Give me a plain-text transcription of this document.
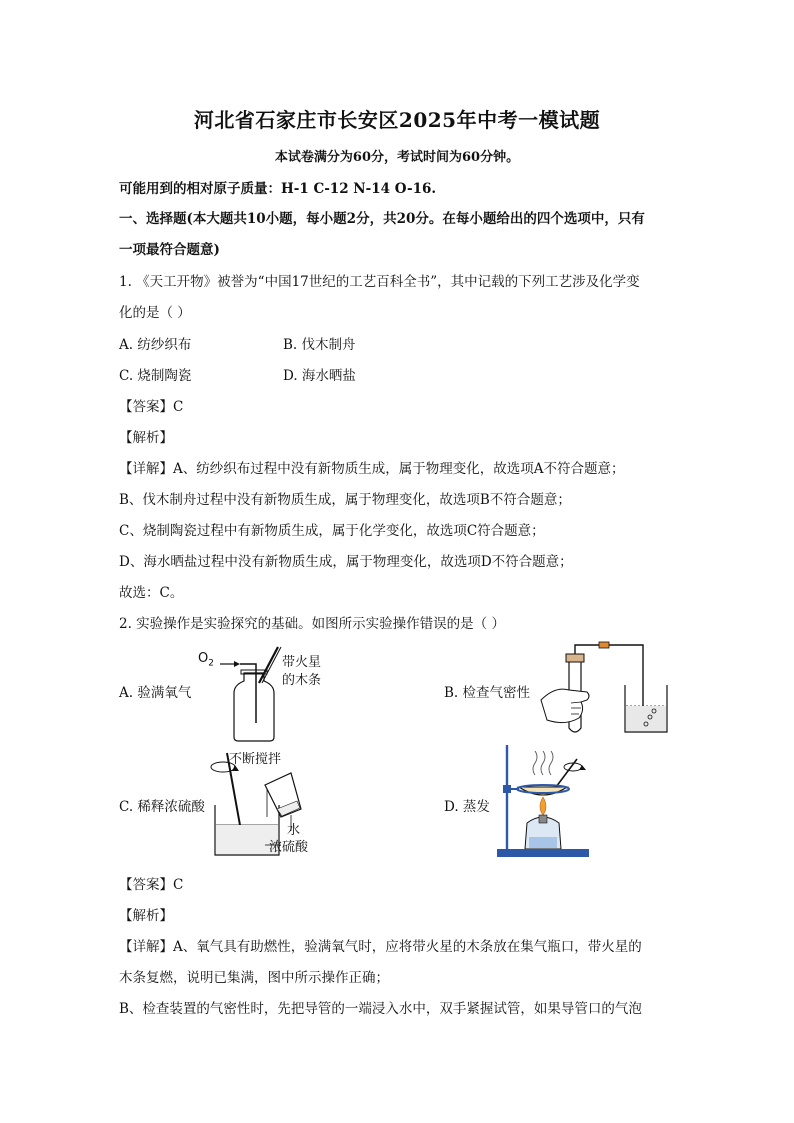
河北省石家庄市长安区2025年中考一模试题
本试卷满分为60分，考试时间为60分钟。
可能用到的相对原子质量：H-1 C-12 N-14 O-16.
一、选择题(本大题共10小题，每小题2分，共20分。在每小题给出的四个选项中，只有
一项最符合题意)
1. 《天工开物》被誉为“中国17世纪的工艺百科全书”，其中记载的下列工艺涉及化学变
化的是（ ）
A. 纺纱织布	B. 伐木制舟
C. 烧制陶瓷	D. 海水晒盐
【答案】C
【解析】
【详解】A、纺纱织布过程中没有新物质生成，属于物理变化，故选项A不符合题意；
B、伐木制舟过程中没有新物质生成，属于物理变化，故选项B不符合题意；
C、烧制陶瓷过程中有新物质生成，属于化学变化，故选项C符合题意；
D、海水晒盐过程中没有新物质生成，属于物理变化，故选项D不符合题意；
故选：C。
2. 实验操作是实验探究的基础。如图所示实验操作错误的是（ ）
A. 验满氧气	B. 检查气密性
C. 稀释浓硫酸	D. 蒸发
$O_2$	带火星
的木条
不断搅拌
水
浓硫酸
【答案】C
【解析】
【详解】A、氧气具有助燃性，验满氧气时，应将带火星的木条放在集气瓶口，带火星的
木条复燃，说明已集满，图中所示操作正确；
B、检查装置的气密性时，先把导管的一端浸入水中，双手紧握试管，如果导管口的气泡
